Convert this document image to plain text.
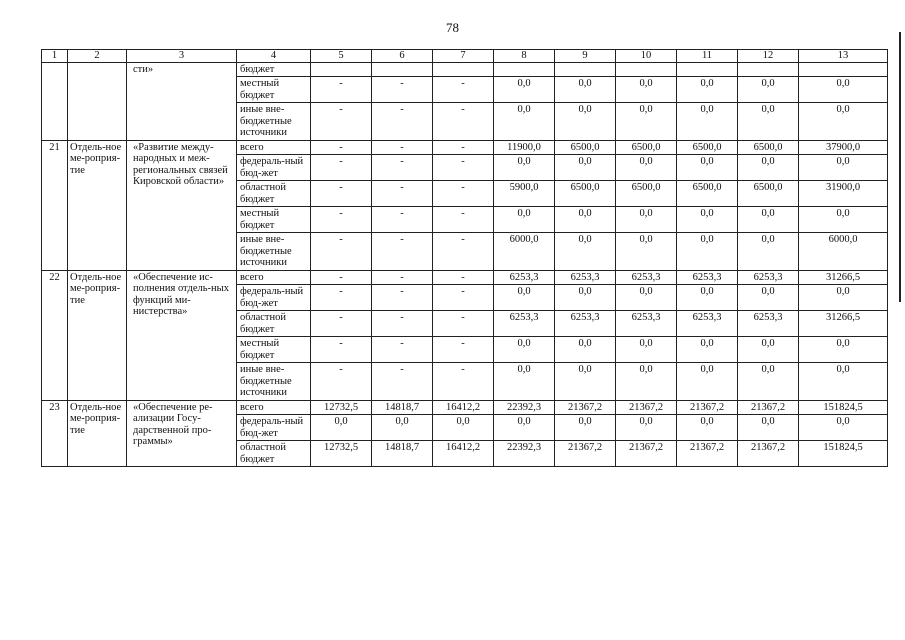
78
1	2	3	4	5	6	7	8	9	10	11	12	13
		сти»	бюджет									
			местный бюджет	-	-	-	0,0	0,0	0,0	0,0	0,0	0,0
			иные вне-бюджетные источники	-	-	-	0,0	0,0	0,0	0,0	0,0	0,0
21	Отдель-ное ме-роприя-тие	«Развитие между-народных и меж-региональных связей Кировской области»	всего	-	-	-	11900,0	6500,0	6500,0	6500,0	6500,0	37900,0
			федераль-ный бюд-жет	-	-	-	0,0	0,0	0,0	0,0	0,0	0,0
			областной бюджет	-	-	-	5900,0	6500,0	6500,0	6500,0	6500,0	31900,0
			местный бюджет	-	-	-	0,0	0,0	0,0	0,0	0,0	0,0
			иные вне-бюджетные источники	-	-	-	6000,0	0,0	0,0	0,0	0,0	6000,0
22	Отдель-ное ме-роприя-тие	«Обеспечение ис-полнения отдель-ных функций ми-нистерства»	всего	-	-	-	6253,3	6253,3	6253,3	6253,3	6253,3	31266,5
			федераль-ный бюд-жет	-	-	-	0,0	0,0	0,0	0,0	0,0	0,0
			областной бюджет	-	-	-	6253,3	6253,3	6253,3	6253,3	6253,3	31266,5
			местный бюджет	-	-	-	0,0	0,0	0,0	0,0	0,0	0,0
			иные вне-бюджетные источники	-	-	-	0,0	0,0	0,0	0,0	0,0	0,0
23	Отдель-ное ме-роприя-тие	«Обеспечение ре-ализации Госу-дарственной про-граммы»	всего	12732,5	14818,7	16412,2	22392,3	21367,2	21367,2	21367,2	21367,2	151824,5
			федераль-ный бюд-жет	0,0	0,0	0,0	0,0	0,0	0,0	0,0	0,0	0,0
			областной бюджет	12732,5	14818,7	16412,2	22392,3	21367,2	21367,2	21367,2	21367,2	151824,5
